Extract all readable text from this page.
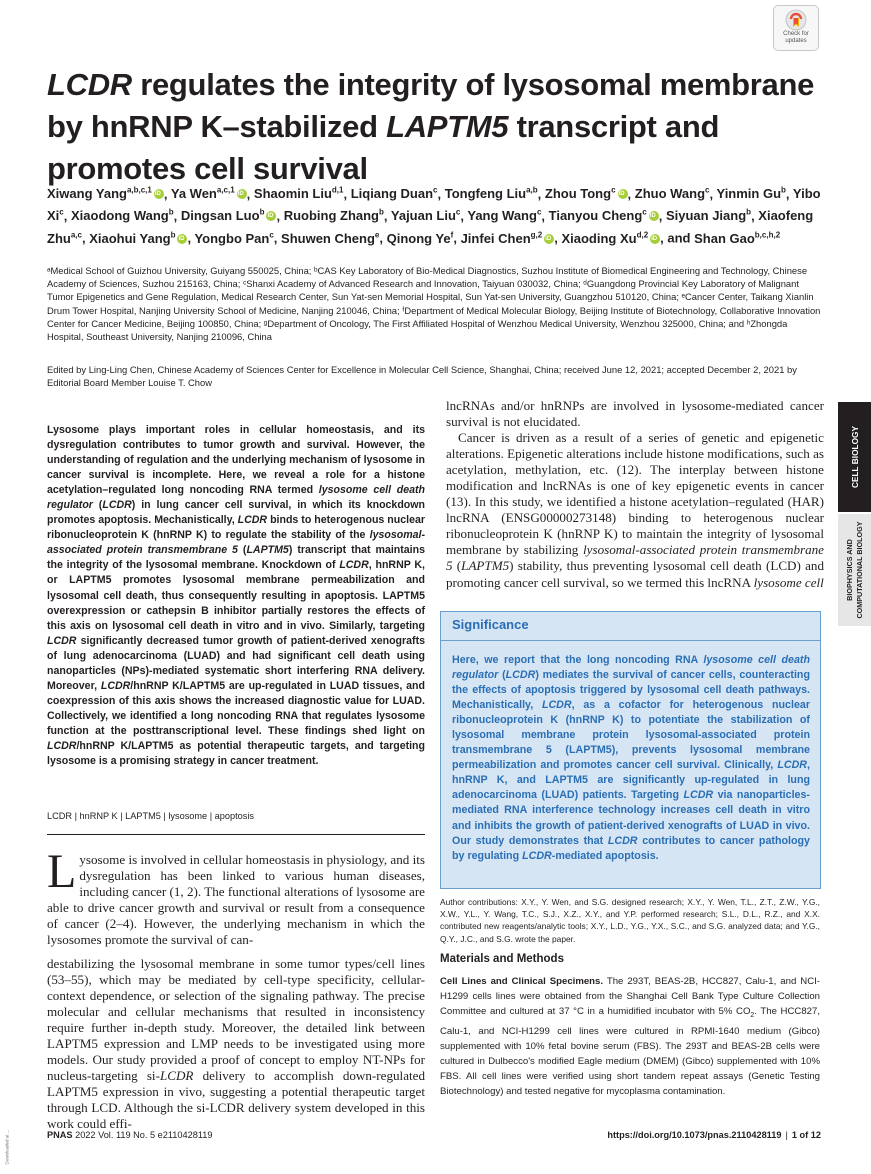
Check for
updates
LCDR regulates the integrity of lysosomal membrane by hnRNP K–stabilized LAPTM5 transcript and promotes cell survival
Xiwang Yang$^{a,b,c,1}$ iD , Ya Wen$^{a,c,1}$ iD , Shaomin Liu$^{d,1}$, Liqiang Duan$^c$, Tongfeng Liu$^{a,b}$, Zhou Tong$^c$ iD , Zhuo Wang$^c$, Yinmin Gu$^b$, Yibo Xi$^c$, Xiaodong Wang$^b$, Dingsan Luo$^b$ iD , Ruobing Zhang$^b$, Yajuan Liu$^c$, Yang Wang$^c$, Tianyou Cheng$^c$ iD , Siyuan Jiang$^b$, Xiaofeng Zhu$^{a,c}$, Xiaohui Yang$^b$ iD , Yongbo Pan$^c$, Shuwen Cheng$^e$, Qinong Ye$^f$, Jinfei Chen$^{g,2}$ iD , Xiaoding Xu$^{d,2}$ iD , and Shan Gao$^{b,c,h,2}$
ᵃMedical School of Guizhou University, Guiyang 550025, China; ᵇCAS Key Laboratory of Bio-Medical Diagnostics, Suzhou Institute of Biomedical Engineering and Technology, Chinese Academy of Sciences, Suzhou 215163, China; ᶜShanxi Academy of Advanced Research and Innovation, Taiyuan 030032, China; ᵈGuangdong Provincial Key Laboratory of Malignant Tumor Epigenetics and Gene Regulation, Medical Research Center, Sun Yat-sen Memorial Hospital, Sun Yat-sen University, Guangzhou 510120, China; ᵉCancer Center, Taikang Xianlin Drum Tower Hospital, Nanjing University School of Medicine, Nanjing 210046, China; ᶠDepartment of Medical Molecular Biology, Beijing Institute of Biotechnology, Collaborative Innovation Center for Cancer Medicine, Beijing 100850, China; ᵍDepartment of Oncology, The First Affiliated Hospital of Wenzhou Medical University, Wenzhou 325000, China; and ʰZhongda Hospital, Southeast University, Nanjing 210096, China
Edited by Ling-Ling Chen, Chinese Academy of Sciences Center for Excellence in Molecular Cell Science, Shanghai, China; received June 12, 2021; accepted December 2, 2021 by Editorial Board Member Louise T. Chow
Lysosome plays important roles in cellular homeostasis, and its dysregulation contributes to tumor growth and survival. However, the understanding of regulation and the underlying mechanism of lysosome in cancer survival is incomplete. Here, we reveal a role for a histone acetylation–regulated long noncoding RNA termed lysosome cell death regulator (LCDR) in lung cancer cell survival, in which its knockdown promotes apoptosis. Mechanistically, LCDR binds to heterogenous nuclear ribonucleoprotein K (hnRNP K) to regulate the stability of the lysosomal-associated protein transmembrane 5 (LAPTM5) transcript that maintains the integrity of the lysosomal membrane. Knockdown of LCDR, hnRNP K, or LAPTM5 promotes lysosomal membrane permeabilization and lysosomal cell death, thus consequently resulting in apoptosis. LAPTM5 overexpression or cathepsin B inhibitor partially restores the effects of this axis on lysosomal cell death in vitro and in vivo. Similarly, targeting LCDR significantly decreased tumor growth of patient-derived xenografts of lung adenocarcinoma (LUAD) and had significant cell death using nanoparticles (NPs)-mediated systematic short interfering RNA delivery. Moreover, LCDR/hnRNP K/LAPTM5 are up-regulated in LUAD tissues, and coexpression of this axis shows the increased diagnostic value for LUAD. Collectively, we identified a long noncoding RNA that regulates lysosome function at the posttranscriptional level. These findings shed light on LCDR/hnRNP K/LAPTM5 as potential therapeutic targets, and targeting lysosome is a promising strategy in cancer treatment.
LCDR | hnRNP K | LAPTM5 | lysosome | apoptosis
Lysosome is involved in cellular homeostasis in physiology, and its dysregulation has been linked to various human diseases, including cancer (1, 2). The functional alterations of lysosome are able to drive cancer growth and survival or result from a consequence of cancer (2–4). However, the underlying mechanism in which the lysosomes promote the survival of can-
destabilizing the lysosomal membrane in some tumor types/cell lines (53–55), which may be mediated by cell-type specificity, cellular-context dependence, or selection of the signaling pathway. The precise molecular and cellular mechanisms that resulted in inconsistency require further in-depth study. Moreover, the detailed link between LAPTM5 expression and LMP needs to be investigated using more models. Our study provided a proof of concept to employ NT-NPs for nucleus-targeting si-LCDR delivery to accomplish down-regulated LAPTM5 expression in vivo, suggesting a potential therapeutic target through LCD. Although the si-LCDR delivery system developed in this work could effi-
lncRNAs and/or hnRNPs are involved in lysosome-mediated cancer survival is not elucidated.
Cancer is driven as a result of a series of genetic and epigenetic alterations. Epigenetic alterations include histone modifications, such as acetylation, methylation, etc. (12). The interplay between histone modification and lncRNAs is one of key epigenetic events in cancer (13). In this study, we identified a histone acetylation–regulated (HAR) lncRNA (ENSG00000273148) binding to heterogenous nuclear ribonucleoprotein K (hnRNP K) to maintain the integrity of lysosomal membrane by stabilizing lysosomal-associated protein transmembrane 5 (LAPTM5) stability, thus preventing lysosomal cell death (LCD) and promoting cancer cell survival, so we termed this lncRNA lysosome cell
Significance
Here, we report that the long noncoding RNA lysosome cell death regulator (LCDR) mediates the survival of cancer cells, counteracting the effects of apoptosis triggered by lysosomal cell death pathways. Mechanistically, LCDR, as a cofactor for heterogenous nuclear ribonucleoprotein K (hnRNP K) to potentiate the stabilization of lysosomal membrane protein lysosomal-associated protein transmembrane 5 (LAPTM5), prevents lysosomal membrane permeabilization and promotes cancer cell survival. Clinically, LCDR, hnRNP K, and LAPTM5 are significantly up-regulated in lung adenocarcinoma (LUAD) patients. Targeting LCDR via nanoparticles-mediated RNA interference technology increases cell death in vitro and inhibits the growth of patient-derived xenografts of LUAD in vivo. Our study demonstrates that LCDR contributes to cancer pathology by regulating LCDR-mediated apoptosis.
Author contributions: X.Y., Y. Wen, and S.G. designed research; X.Y., Y. Wen, T.L., Z.T., Z.W., Y.G., X.W., Y.L., Y. Wang, T.C., S.J., X.Z., X.Y., and Y.P. performed research; S.L., D.L., R.Z., and X.X. contributed new reagents/analytic tools; X.Y., L.D., Y.G., Y.X., S.C., and S.G. analyzed data; and Y.G., Q.Y., J.C., and S.G. wrote the paper.
Materials and Methods
Cell Lines and Clinical Specimens. The 293T, BEAS-2B, HCC827, Calu-1, and NCI-H1299 cells lines were obtained from the Shanghai Cell Bank Type Culture Collection Committee and cultured at 37 °C in a humidified incubator with 5% $CO_2$. The HCC827, Calu-1, and NCI-H1299 cell lines were cultured in RPMI-1640 medium (Gibco) supplemented with 10% fetal bovine serum (FBS). The 293T and BEAS-2B cells were cultured in Dulbecco's modified Eagle medium (DMEM) (Gibco) supplemented with 10% FBS. All cell lines were verified using short tandem repeat assays (Genetic Testing Biotechnology) and tested negative for mycoplasma contamination.
CELL BIOLOGY
BIOPHYSICS AND COMPUTATIONAL BIOLOGY
PNAS 2022 Vol. 119 No. 5 e2110428119	https://doi.org/10.1073/pnas.2110428119 | 1 of 12
Downloaded at ...
